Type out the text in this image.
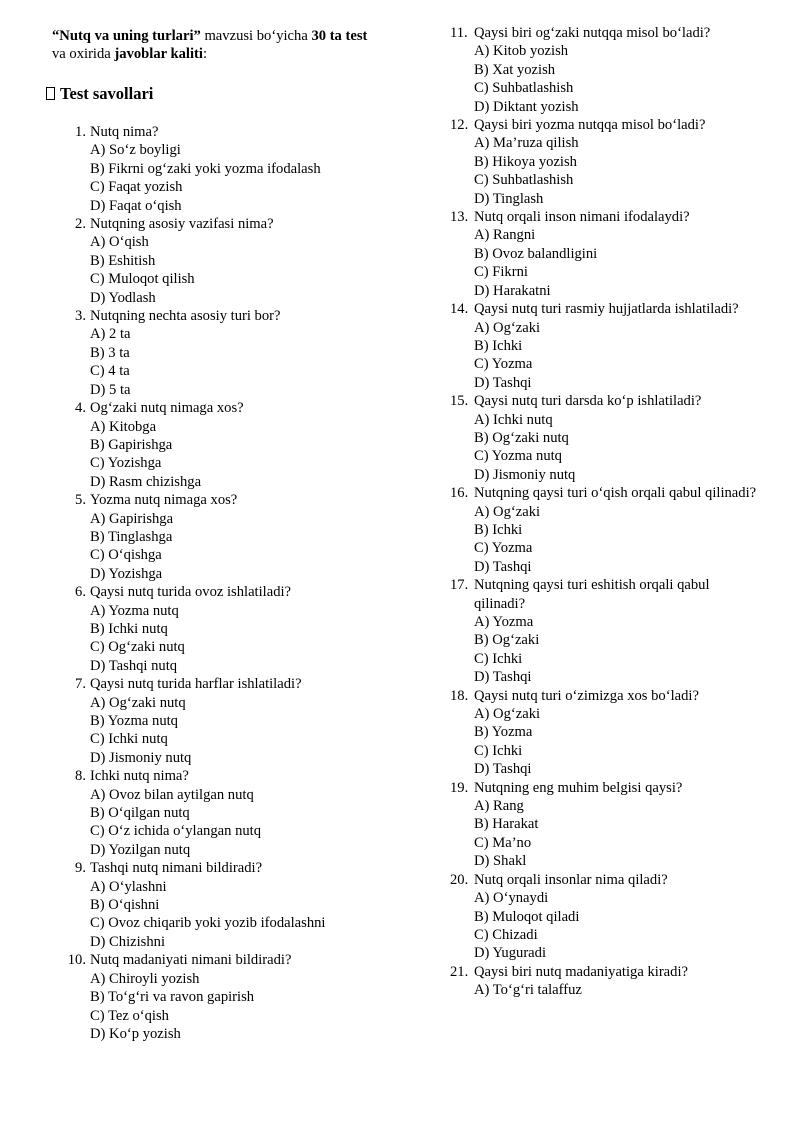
“Nutq va uning turlari” mavzusi bo‘yicha 30 ta test va oxirida javoblar kaliti:
Test savollari
1. Nutq nima?
A) So‘z boyligi
B) Fikrni og‘zaki yoki yozma ifodalash
C) Faqat yozish
D) Faqat o‘qish
2. Nutqning asosiy vazifasi nima?
A) O‘qish
B) Eshitish
C) Muloqot qilish
D) Yodlash
3. Nutqning nechta asosiy turi bor?
A) 2 ta
B) 3 ta
C) 4 ta
D) 5 ta
4. Og‘zaki nutq nimaga xos?
A) Kitobga
B) Gapirishga
C) Yozishga
D) Rasm chizishga
5. Yozma nutq nimaga xos?
A) Gapirishga
B) Tinglashga
C) O‘qishga
D) Yozishga
6. Qaysi nutq turida ovoz ishlatiladi?
A) Yozma nutq
B) Ichki nutq
C) Og‘zaki nutq
D) Tashqi nutq
7. Qaysi nutq turida harflar ishlatiladi?
A) Og‘zaki nutq
B) Yozma nutq
C) Ichki nutq
D) Jismoniy nutq
8. Ichki nutq nima?
A) Ovoz bilan aytilgan nutq
B) O‘qilgan nutq
C) O‘z ichida o‘ylangan nutq
D) Yozilgan nutq
9. Tashqi nutq nimani bildiradi?
A) O‘ylashni
B) O‘qishni
C) Ovoz chiqarib yoki yozib ifodalashni
D) Chizishni
10. Nutq madaniyati nimani bildiradi?
A) Chiroyli yozish
B) To‘g‘ri va ravon gapirish
C) Tez o‘qish
D) Ko‘p yozish
11. Qaysi biri og‘zaki nutqqa misol bo‘ladi?
A) Kitob yozish
B) Xat yozish
C) Suhbatlashish
D) Diktant yozish
12. Qaysi biri yozma nutqqa misol bo‘ladi?
A) Ma’ruza qilish
B) Hikoya yozish
C) Suhbatlashish
D) Tinglash
13. Nutq orqali inson nimani ifodalaydi?
A) Rangni
B) Ovoz balandligini
C) Fikrni
D) Harakatni
14. Qaysi nutq turi rasmiy hujjatlarda ishlatiladi?
A) Og‘zaki
B) Ichki
C) Yozma
D) Tashqi
15. Qaysi nutq turi darsda ko‘p ishlatiladi?
A) Ichki nutq
B) Og‘zaki nutq
C) Yozma nutq
D) Jismoniy nutq
16. Nutqning qaysi turi o‘qish orqali qabul qilinadi?
A) Og‘zaki
B) Ichki
C) Yozma
D) Tashqi
17. Nutqning qaysi turi eshitish orqali qabul qilinadi?
A) Yozma
B) Og‘zaki
C) Ichki
D) Tashqi
18. Qaysi nutq turi o‘zimizga xos bo‘ladi?
A) Og‘zaki
B) Yozma
C) Ichki
D) Tashqi
19. Nutqning eng muhim belgisi qaysi?
A) Rang
B) Harakat
C) Ma’no
D) Shakl
20. Nutq orqali insonlar nima qiladi?
A) O‘ynaydi
B) Muloqot qiladi
C) Chizadi
D) Yuguradi
21. Qaysi biri nutq madaniyatiga kiradi?
A) To‘g‘ri talaffuz
